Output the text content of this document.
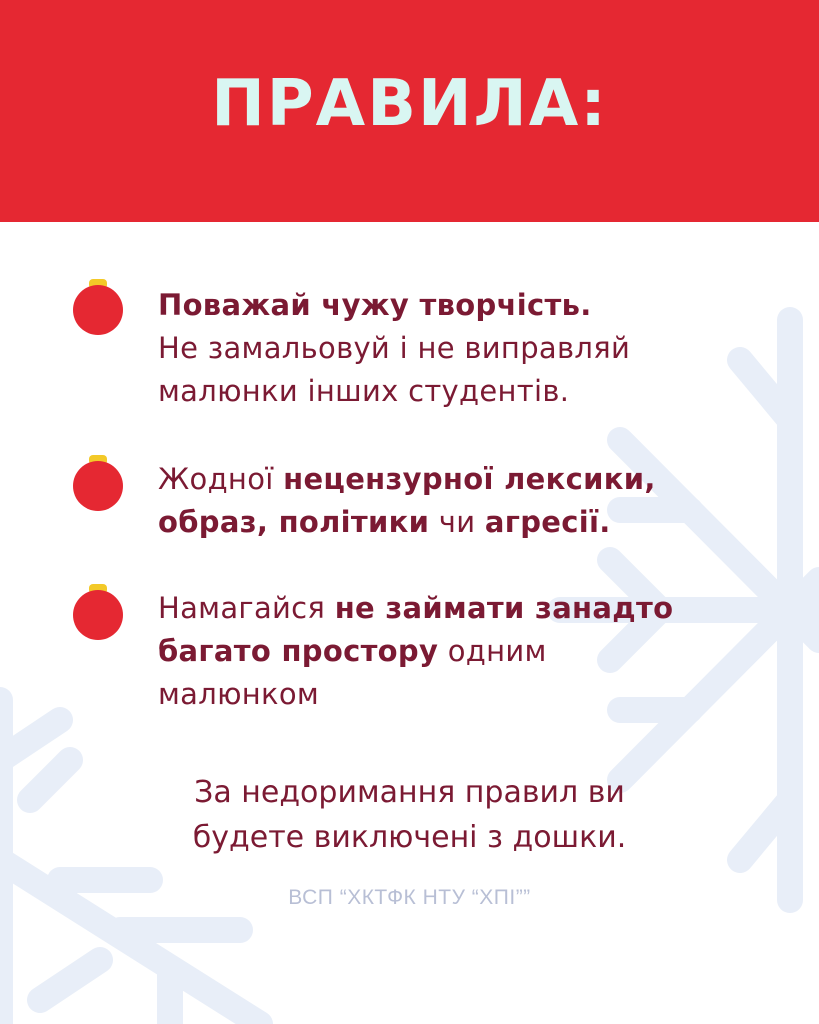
ПРАВИЛА:
Поважай чужу творчість.
Не замальовуй і не виправляй
малюнки інших студентів.
Жодної нецензурної лексики,
образ, політики чи агресії.
Намагайся не займати занадто
багато простору одним
малюнком
За недоримання правил ви
будете виключені з дошки.
ВСП “ХКТФК НТУ “ХПІ””
